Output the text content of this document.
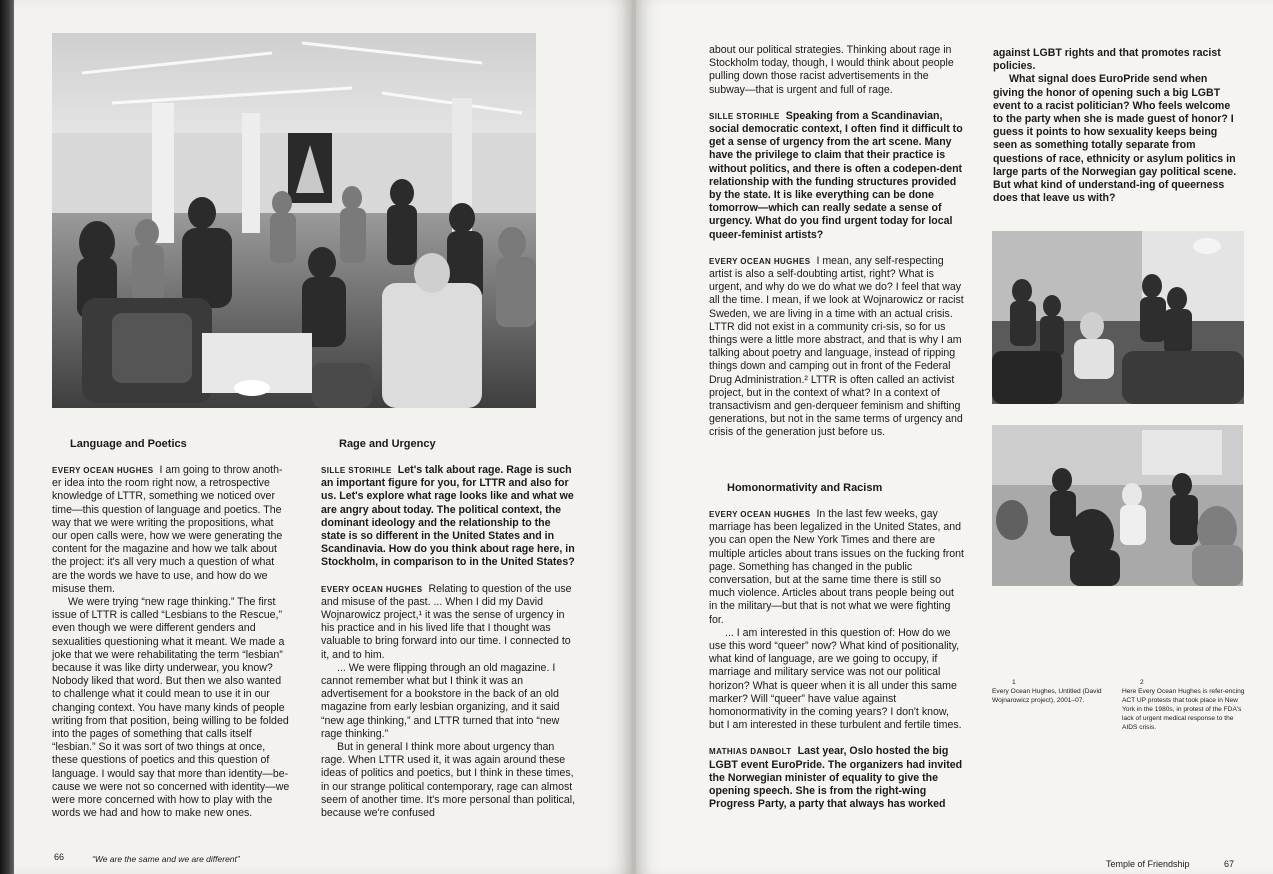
Language and Poetics

EVERY OCEAN HUGHES I am going to throw anoth-er idea into the room right now, a retrospective knowledge of LTTR, something we noticed over time—this question of language and poetics. The way that we were writing the propositions, what our open calls were, how we were generating the content for the magazine and how we talk about the project: it's all very much a question of what are the words we have to use, and how do we misuse them.

We were trying “new rage thinking.” The first issue of LTTR is called “Lesbians to the Rescue,” even though we were different genders and sexualities questioning what it meant. We made a joke that we were rehabilitating the term “lesbian” because it was like dirty underwear, you know? Nobody liked that word. But then we also wanted to challenge what it could mean to use it in our changing context. You have many kinds of people writing from that position, being willing to be folded into the pages of something that calls itself “lesbian.” So it was sort of two things at once, these questions of poetics and this question of language. I would say that more than identity—be-cause we were not so concerned with identity—we were more concerned with how to play with the words we had and how to make new ones.

Rage and Urgency

SILLE STORIHLE Let's talk about rage. Rage is such an important figure for you, for LTTR and also for us. Let's explore what rage looks like and what we are angry about today. The political context, the dominant ideology and the relationship to the state is so different in the United States and in Scandinavia. How do you think about rage here, in Stockholm, in comparison to in the United States?

EVERY OCEAN HUGHES Relating to question of the use and misuse of the past. ... When I did my David Wojnarowicz project,¹ it was the sense of urgency in his practice and in his lived life that I thought was valuable to bring forward into our time. I connected to it, and to him.

... We were flipping through an old magazine. I cannot remember what but I think it was an advertisement for a bookstore in the back of an old magazine from early lesbian organizing, and it said “new age thinking,” and LTTR turned that into “new rage thinking.”

But in general I think more about urgency than rage. When LTTR used it, it was again around these ideas of politics and poetics, but I think in these times, in our strange political contemporary, rage can almost seem of another time. It's more personal than political, because we're confused

66	“We are the same and we are different”

about our political strategies. Thinking about rage in Stockholm today, though, I would think about people pulling down those racist advertisements in the subway—that is urgent and full of rage.

SILLE STORIHLE Speaking from a Scandinavian, social democratic context, I often find it difficult to get a sense of urgency from the art scene. Many have the privilege to claim that their practice is without politics, and there is often a codepen-dent relationship with the funding structures provided by the state. It is like everything can be done tomorrow—which can really sedate a sense of urgency. What do you find urgent today for local queer-feminist artists?

EVERY OCEAN HUGHES I mean, any self-respecting artist is also a self-doubting artist, right? What is urgent, and why do we do what we do? I feel that way all the time. I mean, if we look at Wojnarowicz or racist Sweden, we are living in a time with an actual crisis. LTTR did not exist in a community cri-sis, so for us things were a little more abstract, and that is why I am talking about poetry and language, instead of ripping things down and camping out in front of the Federal Drug Administration.² LTTR is often called an activist project, but in the context of what? In a context of transactivism and gen-derqueer feminism and shifting generations, but not in the same terms of urgency and crisis of the generation just before us.

Homonormativity and Racism

EVERY OCEAN HUGHES In the last few weeks, gay marriage has been legalized in the United States, and you can open the New York Times and there are multiple articles about trans issues on the fucking front page. Something has changed in the public conversation, but at the same time there is still so much violence. Articles about trans people being out in the military—but that is not what we were fighting for.

... I am interested in this question of: How do we use this word “queer” now? What kind of positionality, what kind of language, are we going to occupy, if marriage and military service was not our political horizon? What is queer when it is all under this same marker? Will “queer” have value against homonormativity in the coming years? I don't know, but I am interested in these turbulent and fertile times.

MATHIAS DANBOLT Last year, Oslo hosted the big LGBT event EuroPride. The organizers had invited the Norwegian minister of equality to give the opening speech. She is from the right-wing Progress Party, a party that always has worked

against LGBT rights and that promotes racist policies.

What signal does EuroPride send when giving the honor of opening such a big LGBT event to a racist politician? Who feels welcome to the party when she is made guest of honor? I guess it points to how sexuality keeps being seen as something totally separate from questions of race, ethnicity or asylum politics in large parts of the Norwegian gay political scene. But what kind of understand-ing of queerness does that leave us with?

1
Every Ocean Hughes, Untitled (David Wojnarowicz project), 2001–07.
2
Here Every Ocean Hughes is refer-encing ACT UP protests that took place in New York in the 1980s, in protest of the FDA's lack of urgent medical response to the AIDS crisis.
Temple of Friendship	67
